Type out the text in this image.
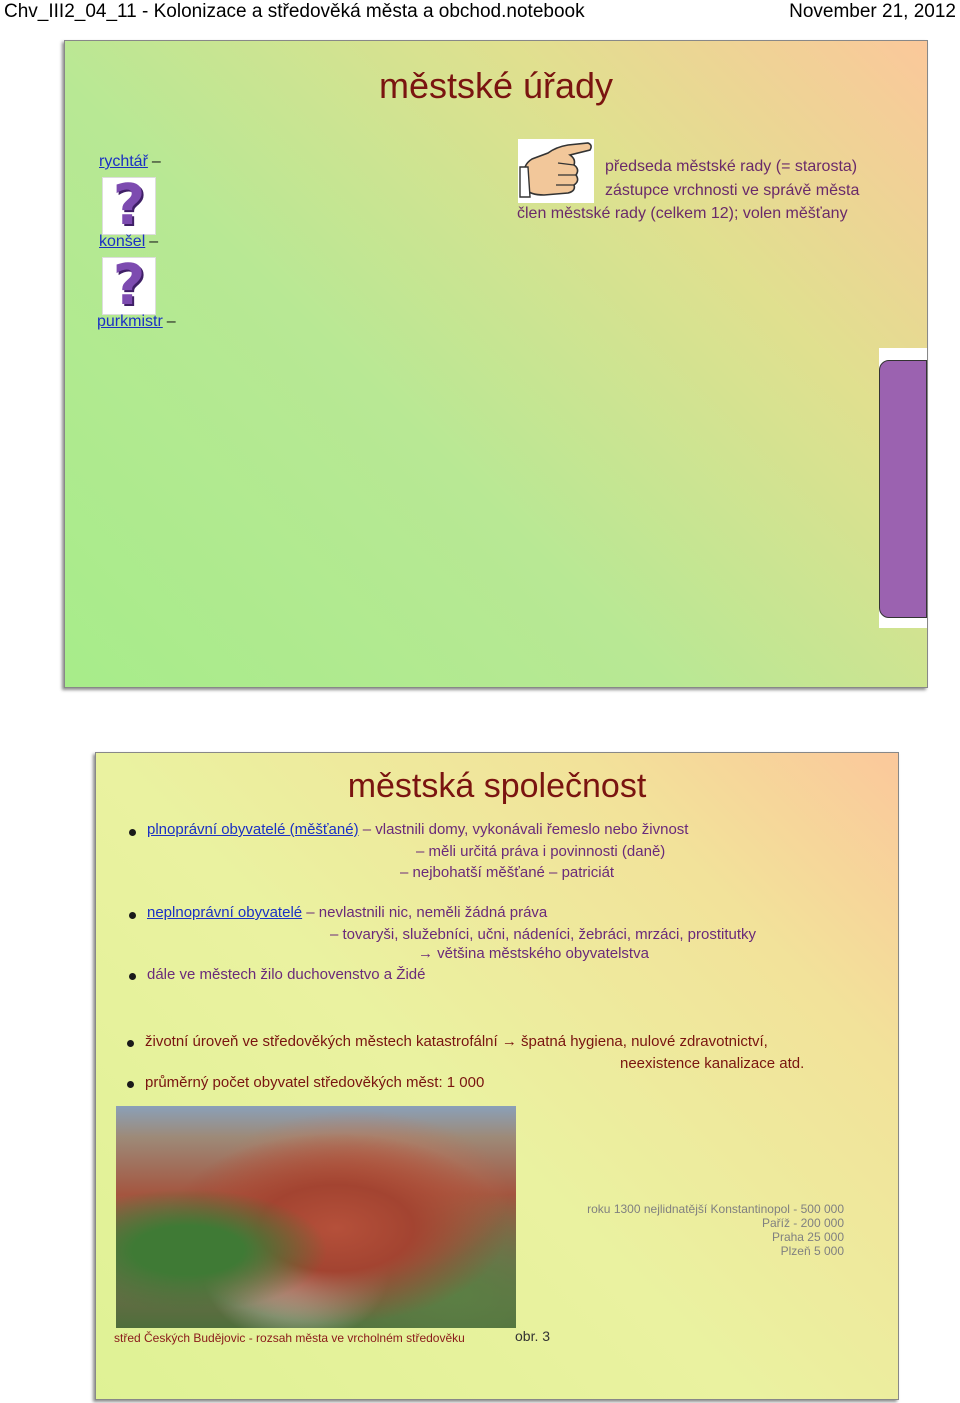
Chv_III2_04_11 - Kolonizace a středověká města a obchod.notebook	November 21, 2012
městské úřady
rychtář –
?
konšel –
?
purkmistr –
předseda městské rady (= starosta)
zástupce vrchnosti ve správě města
člen městské rady (celkem 12); volen měšťany
městská společnost
plnoprávní obyvatelé (měšťané) – vlastnili domy, vykonávali řemeslo nebo živnost
– měli určitá práva i povinnosti (daně)
– nejbohatší měšťané – patriciát
neplnoprávní obyvatelé – nevlastnili nic, neměli žádná práva
– tovaryši, služebníci, učni, nádeníci, žebráci, mrzáci, prostitutky
→ většina městského obyvatelstva
dále ve městech žilo duchovenstvo a Židé
životní úroveň ve středověkých městech katastrofální → špatná hygiena, nulové zdravotnictví,
neexistence kanalizace atd.
průměrný počet obyvatel středověkých měst: 1 000
roku 1300 nejlidnatější Konstantinopol - 500 000
Paříž - 200 000
Praha 25 000
Plzeň 5 000
střed Českých Budějovic - rozsah města ve vrcholném středověku	obr. 3
